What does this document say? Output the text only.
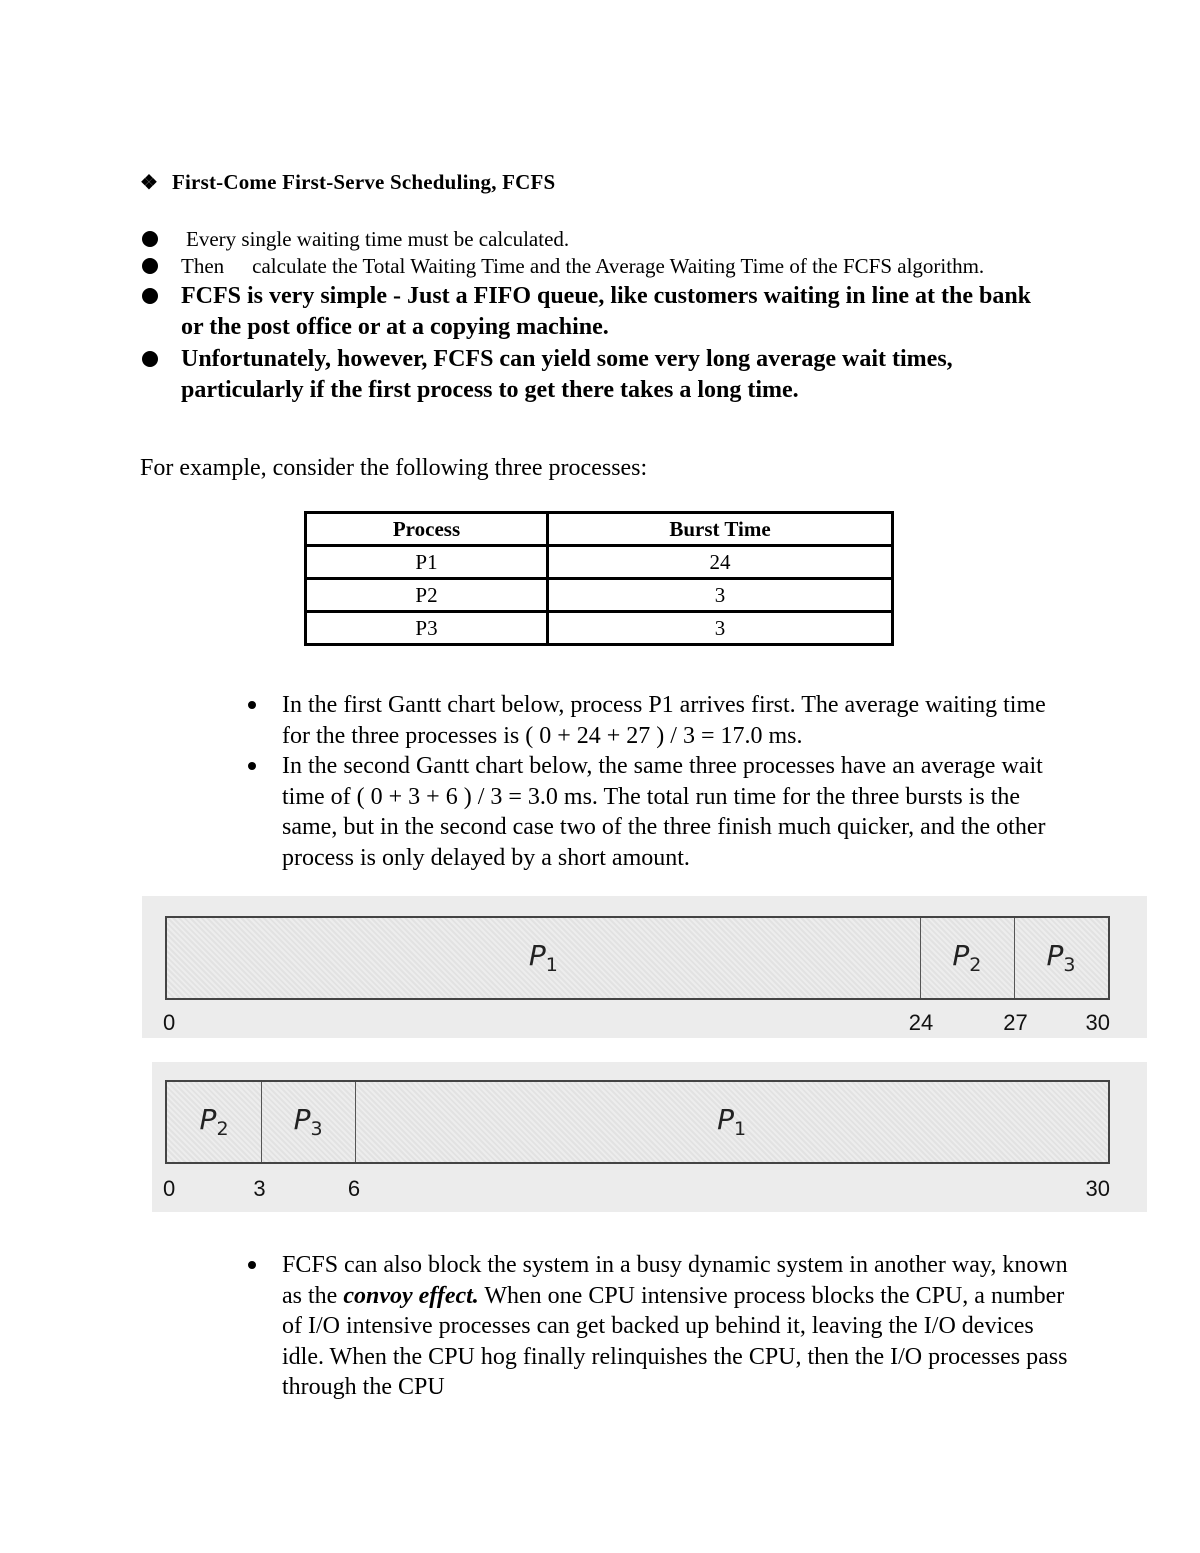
❖ First-Come First-Serve Scheduling, FCFS
Every single waiting time must be calculated.
Then calculate the Total Waiting Time and the Average Waiting Time of the FCFS algorithm.
FCFS is very simple - Just a FIFO queue, like customers waiting in line at the bank or the post office or at a copying machine.
Unfortunately, however, FCFS can yield some very long average wait times, particularly if the first process to get there takes a long time.
For example, consider the following three processes:
Process	Burst Time
P1	24
P2	3
P3	3
In the first Gantt chart below, process P1 arrives first. The average waiting time for the three processes is ( 0 + 24 + 27 ) / 3 = 17.0 ms.
In the second Gantt chart below, the same three processes have an average wait time of ( 0 + 3 + 6 ) / 3 = 3.0 ms. The total run time for the three bursts is the same, but in the second case two of the three finish much quicker, and the other process is only delayed by a short amount.
$P_1$	$P_2$	$P_3$
0	24	27	30
$P_2$	$P_3$	$P_1$
0	3	6	30
FCFS can also block the system in a busy dynamic system in another way, known as the convoy effect. When one CPU intensive process blocks the CPU, a number of I/O intensive processes can get backed up behind it, leaving the I/O devices idle. When the CPU hog finally relinquishes the CPU, then the I/O processes pass through the CPU
